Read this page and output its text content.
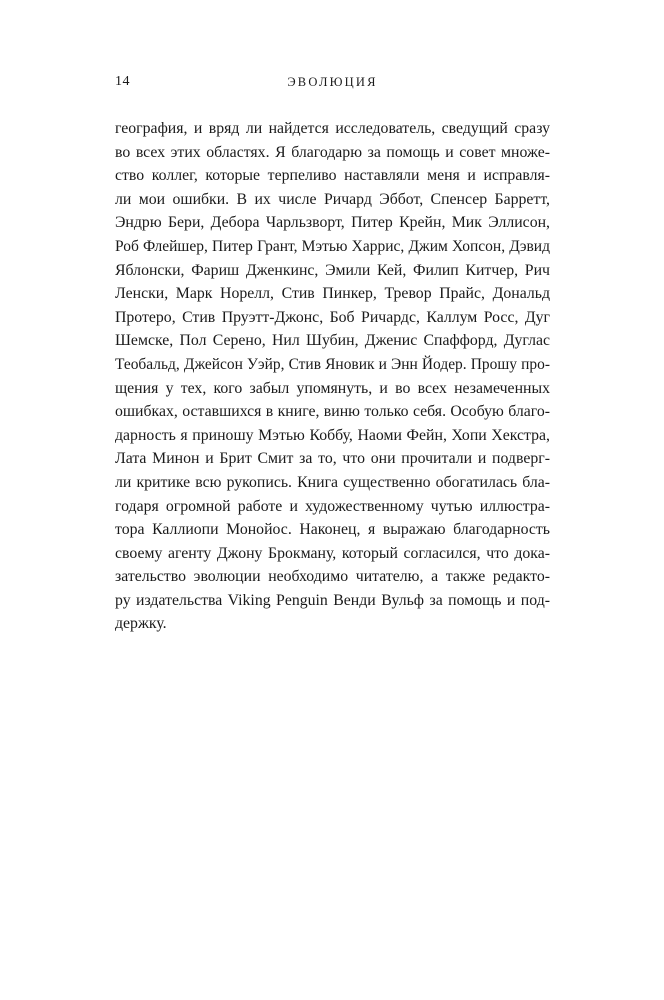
14	ЭВОЛЮЦИЯ
география, и вряд ли найдется исследователь, сведущий сразу
во всех этих областях. Я благодарю за помощь и совет множе-
ство коллег, которые терпеливо наставляли меня и исправля-
ли мои ошибки. В их числе Ричард Эббот, Спенсер Барретт,
Эндрю Бери, Дебора Чарльзворт, Питер Крейн, Мик Эллисон,
Роб Флейшер, Питер Грант, Мэтью Харрис, Джим Хопсон, Дэвид
Яблонски, Фариш Дженкинс, Эмили Кей, Филип Китчер, Рич
Ленски, Марк Норелл, Стив Пинкер, Тревор Прайс, Дональд
Протеро, Стив Пруэтт-Джонс, Боб Ричардс, Каллум Росс, Дуг
Шемске, Пол Серено, Нил Шубин, Дженис Спаффорд, Дуглас
Теобальд, Джейсон Уэйр, Стив Яновик и Энн Йодер. Прошу про-
щения у тех, кого забыл упомянуть, и во всех незамеченных
ошибках, оставшихся в книге, виню только себя. Особую благо-
дарность я приношу Мэтью Коббу, Наоми Фейн, Хопи Хекстра,
Лата Минон и Брит Смит за то, что они прочитали и подверг-
ли критике всю рукопись. Книга существенно обогатилась бла-
годаря огромной работе и художественному чутью иллюстра-
тора Каллиопи Монойос. Наконец, я выражаю благодарность
своему агенту Джону Брокману, который согласился, что дока-
зательство эволюции необходимо читателю, а также редакто-
ру издательства Viking Penguin Венди Вульф за помощь и под-
держку.
